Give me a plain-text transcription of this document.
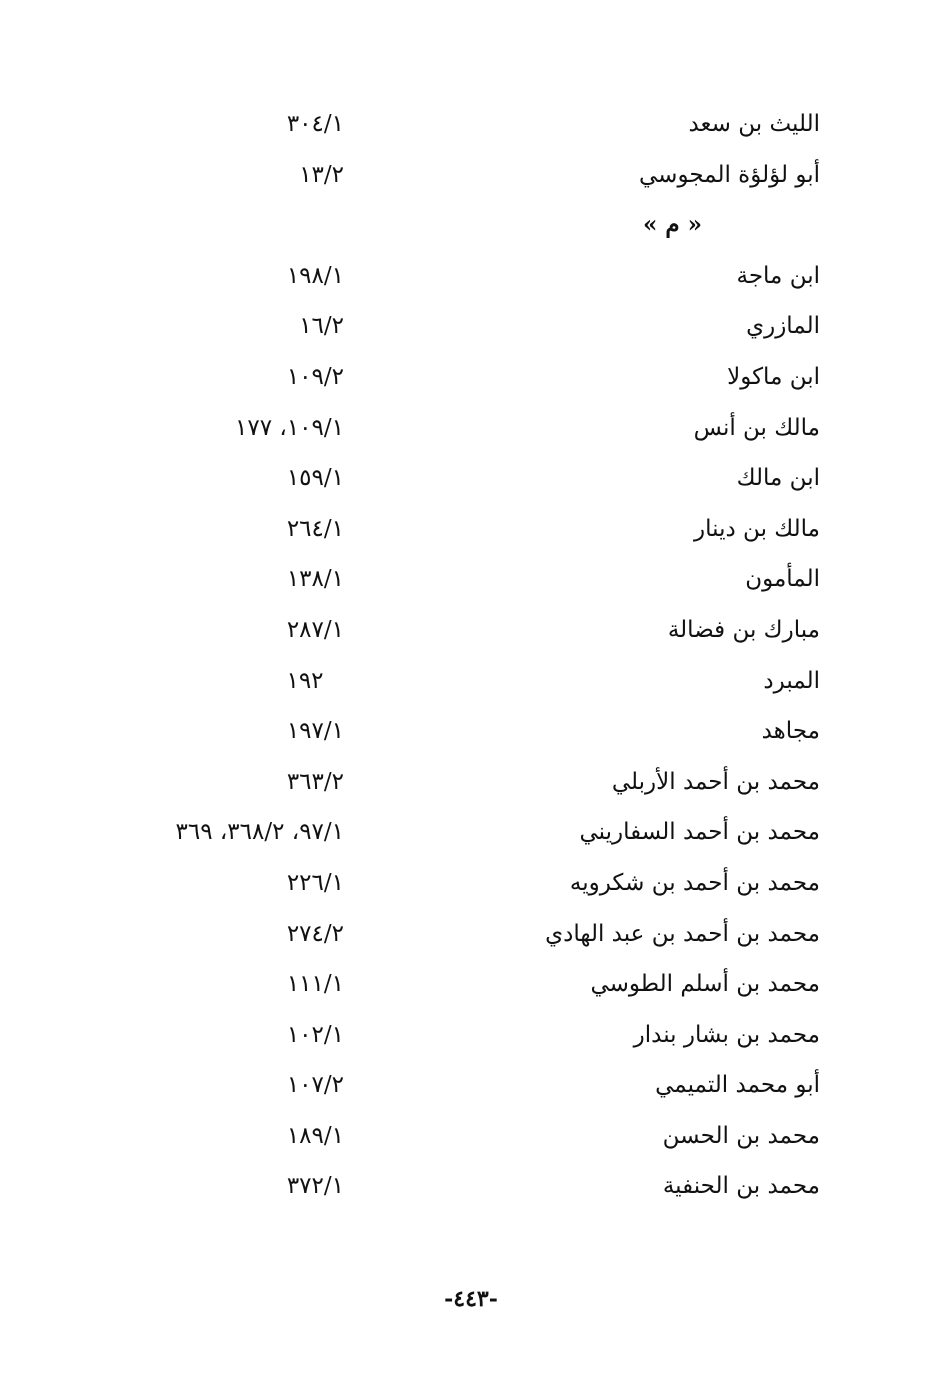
الليث بن سعد
٣٠٤/١
أبو لؤلؤة المجوسي
١٣/٢
« م »
ابن ماجة
١٩٨/١
المازري
١٦/٢
ابن ماكولا
١٠٩/٢
مالك بن أنس
١٠٩/١، ١٧٧
ابن مالك
١٥٩/١
مالك بن دينار
٢٦٤/١
المأمون
١٣٨/١
مبارك بن فضالة
٢٨٧/١
المبرد
١٩٢
مجاهد
١٩٧/١
محمد بن أحمد الأربلي
٣٦٣/٢
محمد بن أحمد السفاريني
٩٧/١، ٣٦٨/٢، ٣٦٩
محمد بن أحمد بن شكرويه
٢٢٦/١
محمد بن أحمد بن عبد الهادي
٢٧٤/٢
محمد بن أسلم الطوسي
١١١/١
محمد بن بشار بندار
١٠٢/١
أبو محمد التميمي
١٠٧/٢
محمد بن الحسن
١٨٩/١
محمد بن الحنفية
٣٧٢/١
-٤٤٣-
